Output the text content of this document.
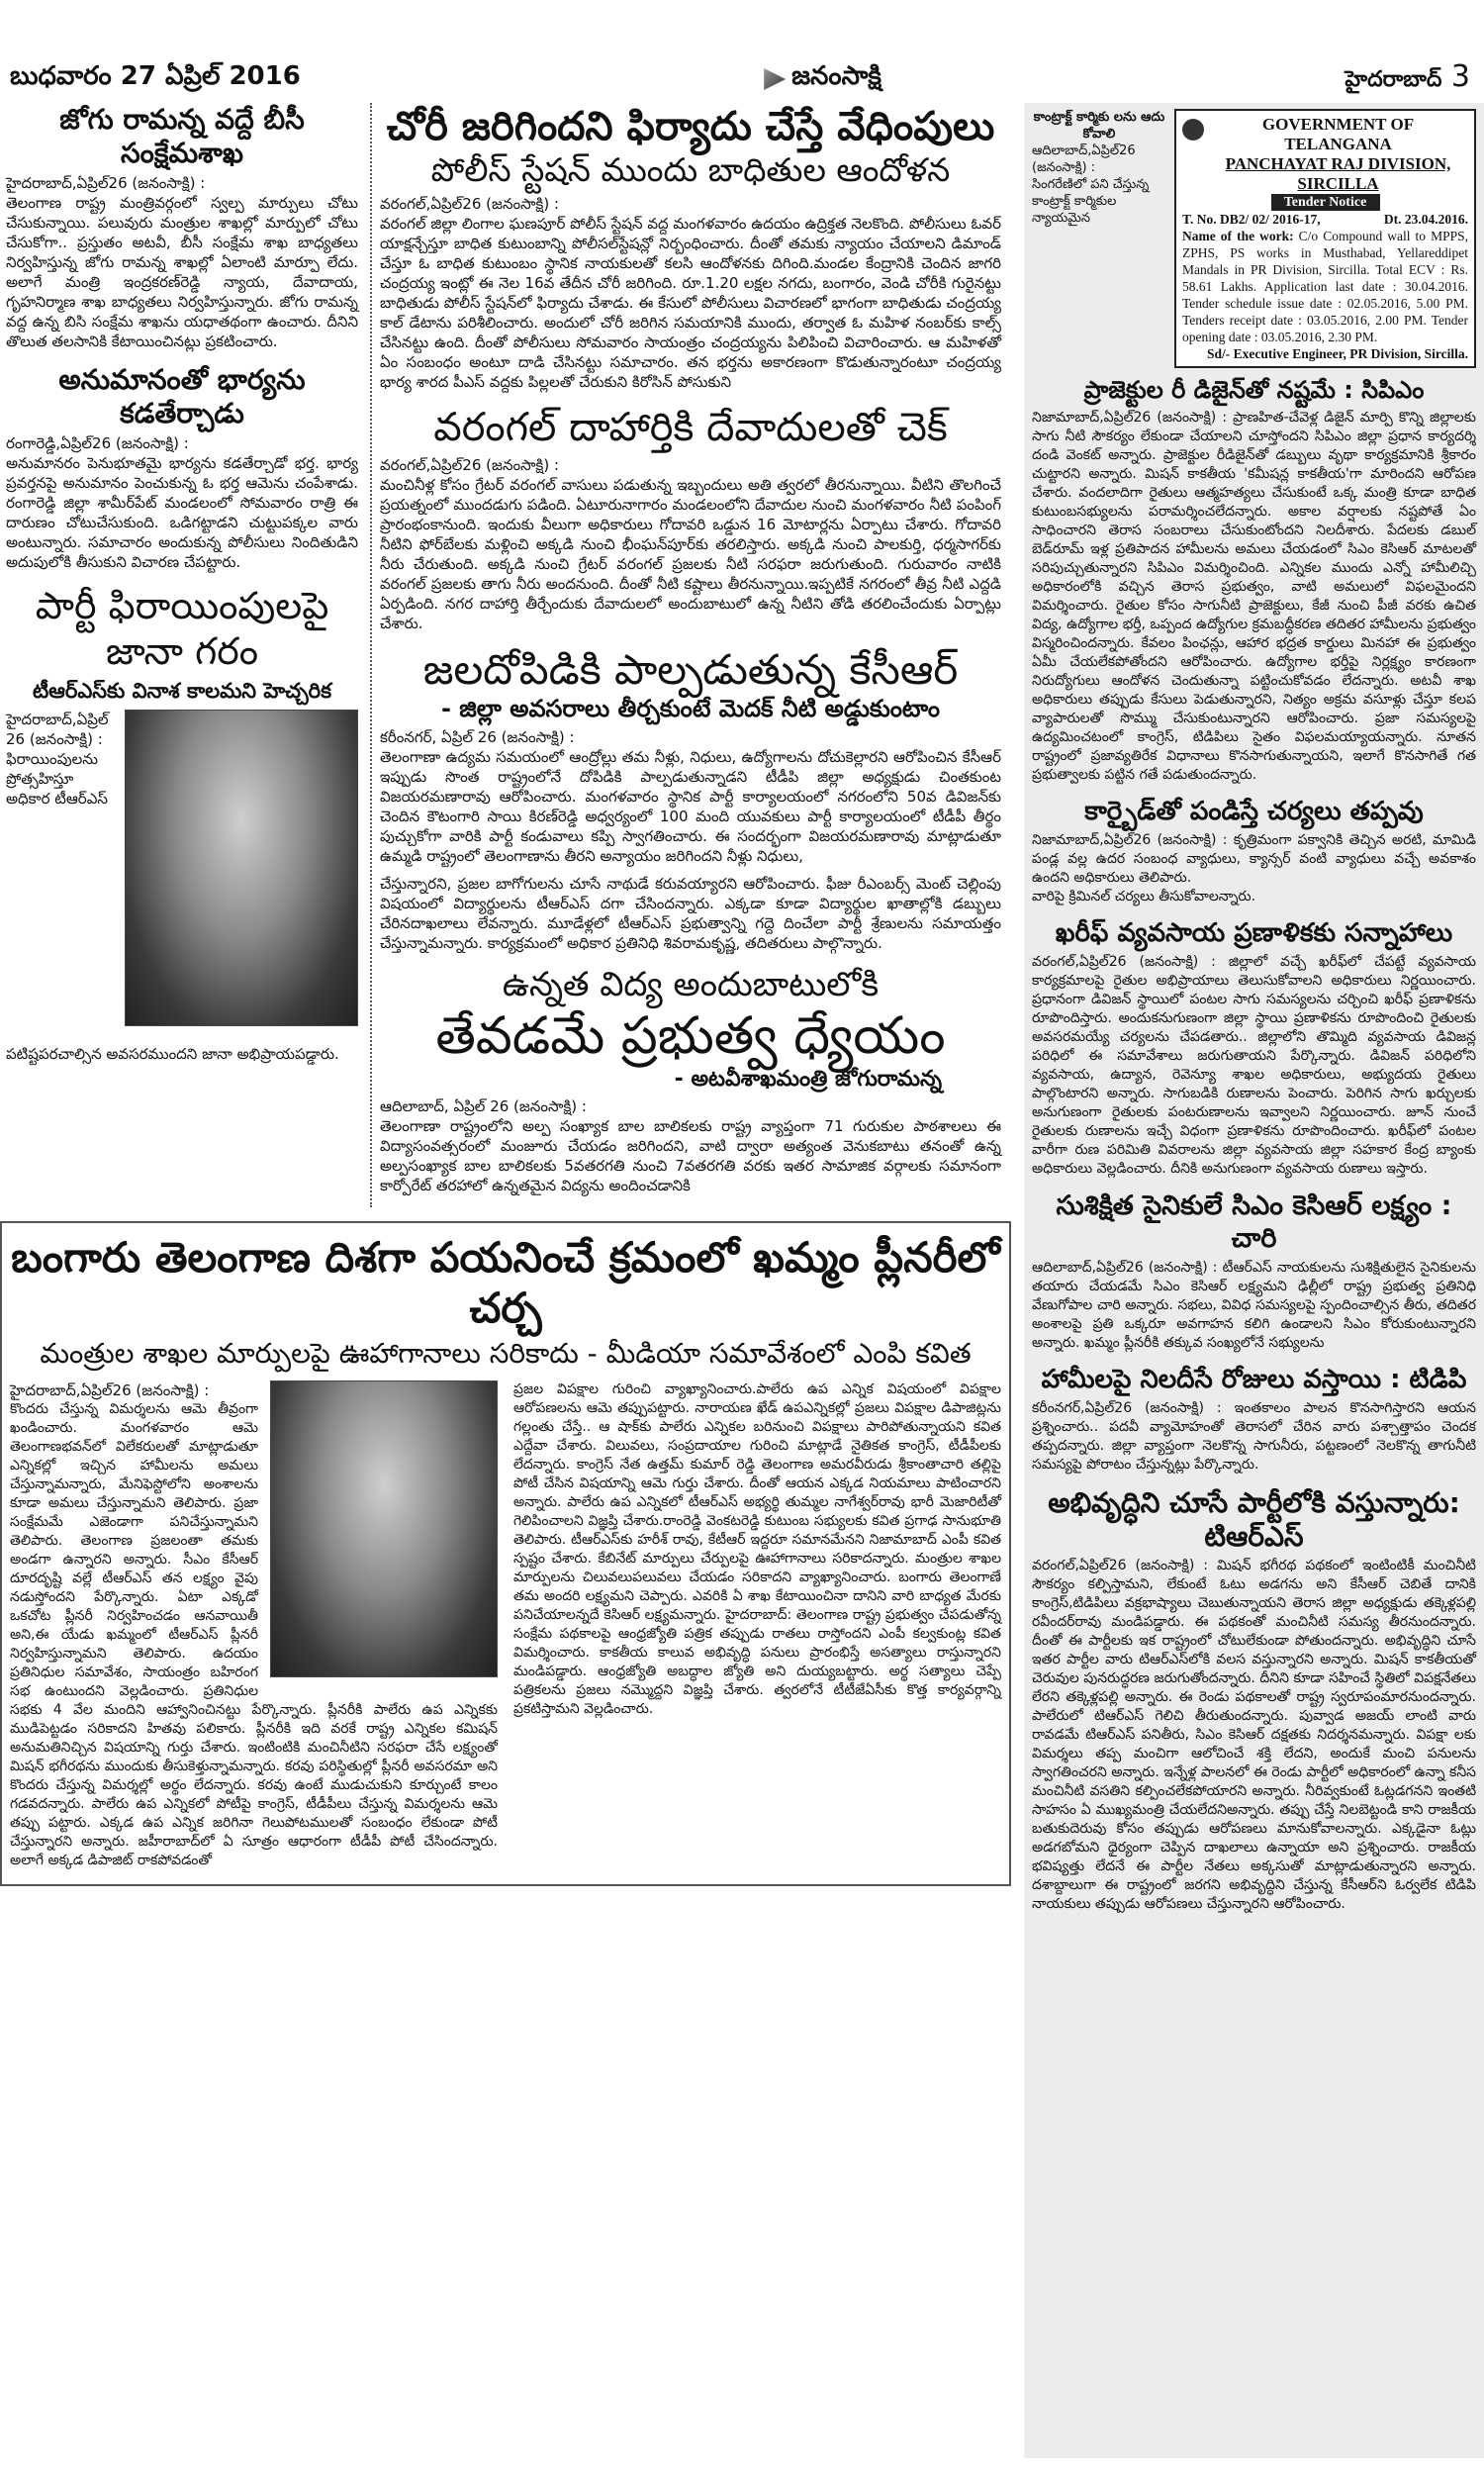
బుధవారం 27 ఏప్రిల్ 2016	జనంసాక్షి	హైదరాబాద్ 3
జోగు రామన్న వద్దే బీసీ సంక్షేమశాఖ
హైదరాబాద్,ఏప్రిల్26 (జనంసాక్షి) :

తెలంగాణ రాష్ట్ర మంత్రివర్గంలో స్వల్ప మార్పులు చోటు చేసుకున్నాయి. పలువురు మంత్రుల శాఖల్లో మార్పులో చోటు చేసుకోగా.. ప్రస్తుతం అటవీ, బీసీ సంక్షేమ శాఖ బాధ్యతలు నిర్వహిస్తున్న జోగు రామన్న శాఖల్లో ఏలాంటి మార్పూ లేదు. అలాగే మంత్రి ఇంద్రకరణ్‌రెడ్డి న్యాయ, దేవాదాయ, గృహనిర్మాణ శాఖ బాధ్యతలు నిర్వహిస్తున్నారు. జోగు రామన్న వద్ద ఉన్న బిసి సంక్షేమ శాఖను యధాతథంగా ఉంచారు. దీనిని తొలుత తలసానికి కేటాయించినట్లు ప్రకటించారు.

అనుమానంతో భార్యను కడతేర్చాడు
రంగారెడ్డి,ఏప్రిల్26 (జనంసాక్షి) :

అనుమానరం పెనుభూతమై భార్యను కడతేర్చాడో భర్త. భార్య ప్రవర్తనపై అనుమానం పెంచుకున్న ఓ భర్త ఆమెను చంపేశాడు. రంగారెడ్డి జిల్లా శామీర్‌పేట్ మండలంలో సోమవారం రాత్రి ఈ దారుణం చోటుచేసుకుంది. ఒడిగట్టాడని చుట్టుపక్కల వారు అంటున్నారు. సమాచారం అందుకున్న పోలీసులు నిందితుడిని అదుపులోకి తీసుకుని విచారణ చేపట్టారు.

పార్టీ ఫిరాయింపులపై జానా గరం
టీఆర్‌ఎస్‌కు వినాశ కాలమని హెచ్చరిక
హైదరాబాద్,ఏప్రిల్ 26 (జనంసాక్షి) :

ఫిరాయింపులను ప్రోత్సహిస్తూ అధికార టీఆర్‌ఎస్

పటిష్టపరచాల్సిన అవసరముందని జానా అభిప్రాయపడ్డారు.

చోరీ జరిగిందని ఫిర్యాదు చేస్తే వేధింపులు
పోలీస్ స్టేషన్ ముందు బాధితుల ఆందోళన
వరంగల్,ఏప్రిల్26 (జనంసాక్షి) :

వరంగల్ జిల్లా లింగాల ఘణపూర్ పోలీస్ స్టేషన్ వద్ద మంగళవారం ఉదయం ఉద్రిక్తత నెలకొంది. పోలీసులు ఓవర్ యాక్షన్చేస్తూ బాధిత కుటుంబాన్ని పోలీసల్‌స్టేషన్లో నిర్బంధించారు. దీంతో తమకు న్యాయం చేయాలని డిమాండ్ చేస్తూ ఓ బాధిత కుటుంబం స్థానిక నాయకులతో కలసి ఆందోళనకు దిగింది.మండల కేంద్రానికి చెందిన జాగరి చంద్రయ్య ఇంట్లో ఈ నెల 16వ తేదీన చోరీ జరిగింది. రూ.1.20 లక్షల నగదు, బంగారం, వెండి చోరీకి గురైనట్టు బాధితుడు పోలీస్ స్టేషన్‌లో ఫిర్యాదు చేశాడు. ఈ కేసులో పోలీసులు విచారణలో భాగంగా బాధితుడు చంద్రయ్య కాల్ డేటాను పరిశీలించారు. అందులో చోరీ జరిగిన సమయానికి ముందు, తర్వాత ఓ మహిళ నంబర్‌కు కాల్స్ చేసినట్టు ఉంది. దీంతో పోలీసులు సోమవారం సాయంత్రం చంద్రయ్యను పిలిపించి విచారించారు. ఆ మహిళతో ఏం సంబంధం అంటూ దాడి చేసినట్టు సమాచారం. తన భర్తను అకారణంగా కొడుతున్నారంటూ చంద్రయ్య భార్య శారద పీఎస్ వద్దకు పిల్లలతో చేరుకుని కిరోసిన్ పోసుకుని

వరంగల్ దాహార్తికి దేవాదులతో చెక్
వరంగల్,ఏప్రిల్26 (జనంసాక్షి) :

మంచినీళ్ల కోసం గ్రేటర్ వరంగల్ వాసులు పడుతున్న ఇబ్బందులు అతి త్వరలో తీరనున్నాయి. వీటిని తొలగించే ప్రయత్నంలో ముందడుగు పడింది. ఏటూరునాగారం మండలంలోని దేవాదుల నుంచి మంగళవారం నీటి పంపింగ్ ప్రారంభంకానుంది. ఇందుకు వీలుగా అధికారులు గోదావరి ఒడ్డున 16 మోటార్లను ఏర్పాటు చేశారు. గోదావరి నీటిని ఫోర్‌బేలకు మళ్లించి అక్కడి నుంచి భీంఘన్‌పూర్‌కు తరలిస్తారు. అక్కడి నుంచి పాలకుర్తి, ధర్మసాగర్‌కు నీరు చేరుతుంది. అక్కడి నుంచి గ్రేటర్ వరంగల్ ప్రజలకు నీటి సరఫరా జరుగుతుంది. గురువారం నాటికి వరంగల్ ప్రజలకు తాగు నీరు అందనుంది. దీంతో నీటి కష్టాలు తీరనున్నాయి.ఇప్పటికే నగరంలో తీవ్ర నీటి ఎద్దడి ఏర్పడింది. నగర దాహార్తి తీర్చేందుకు దేవాదులలో అందుబాటులో ఉన్న నీటిని తోడి తరలించేందుకు ఏర్పాట్లు చేశారు.

జలదోపిడికి పాల్పడుతున్న కేసీఆర్
- జిల్లా అవసరాలు తీర్చకుంటే మెదక్ నీటి అడ్డుకుంటాం
కరీంనగర్, ఏప్రిల్ 26 (జనంసాక్షి) :

తెలంగాణా ఉద్యమ సమయంలో ఆంద్రోల్లు తమ నీళ్లు, నిధులు, ఉద్యోగాలను దోచుకెల్లారని ఆరోపించిన కేసీఆర్ ఇప్పుడు సొంత రాష్ట్రంలోనే దోపిడికి పాల్పడుతున్నాడని టీడీపి జిల్లా అధ్యక్షుడు చింతకుంట విజయరమణారావు ఆరోపించారు. మంగళవారం స్థానిక పార్టీ కార్యాలయంలో నగరంలోని 50వ డివిజన్‌కు చెందిన కౌటంగారి సాయి కిరణ్‌రెడ్డి అధ్వర్యంలో 100 మంది యువకులు పార్టీ కార్యాలయంలో టీడీపీ తీర్థం పుచ్చుకోగా వారికి పార్టీ కండువాలు కప్పి స్వాగతించారు. ఈ సందర్భంగా విజయరమణారావు మాట్లాడుతూ ఉమ్మడి రాష్ట్రంలో తెలంగాణాను తీరని అన్యాయం జరిగిందని నీళ్లు నిధులు,

చేస్తున్నారని, ప్రజల బాగోగులను చూసే నాథుడే కరువయ్యారని ఆరోపించారు. ఫీజు రీఎంబర్స్ మెంట్ చెల్లింపు విషయంలో విద్యార్థులను టీఆర్ఎస్ దగా చేసిందన్నారు. ఎక్కడా కూడా విద్యార్థుల ఖాతాల్లోకి డబ్బులు చేరినదాఖలాలు లేవన్నారు. మూడేళ్లలో టీఆర్ఎస్ ప్రభుత్వాన్ని గద్దె దించేలా పార్టీ శ్రేణులను సమాయత్తం చేస్తున్నామన్నారు. కార్యక్రమంలో అధికార ప్రతినిధి శివరామకృష్ణ, తదితరులు పాల్గొన్నారు.

ఉన్నత విద్య అందుబాటులోకి
తేవడమే ప్రభుత్వ ధ్యేయం
- అటవీశాఖమంత్రి జోగురామన్న
ఆదిలాబాద్, ఏప్రిల్ 26 (జనంసాక్షి) :

తెలంగాణా రాష్ట్రంలోని అల్ప సంఖ్యాక బాల బాలికలకు రాష్ట్ర వ్యాప్తంగా 71 గురుకుల పాఠశాలలు ఈ విద్యాసంవత్సరంలో మంజూరు చేయడం జరిగిందని, వాటి ద్వారా అత్యంత వెనుకబాటు తనంతో ఉన్న అల్పసంఖ్యాక బాల బాలికలకు 5వతరగతి నుంచి 7వతరగతి వరకు ఇతర సామాజిక వర్గాలకు సమానంగా కార్పోరేట్ తరహాలో ఉన్నతమైన విద్యను అందించడానికి

బంగారు తెలంగాణ దిశగా పయనించే క్రమంలో ఖమ్మం ప్లీనరీలో చర్చ
మంత్రుల శాఖల మార్పులపై ఊహాగానాలు సరికాదు - మీడియా సమావేశంలో ఎంపి కవిత
హైదరాబాద్,ఏప్రిల్26 (జనంసాక్షి) :

కొందరు చేస్తున్న విమర్శలను ఆమె తీవ్రంగా ఖండించారు. మంగళవారం ఆమె తెలంగాణభవన్‌లో విలేకరులతో మాట్లాడుతూ ఎన్నికల్లో ఇచ్చిన హామీలను అమలు చేస్తున్నామన్నారు, మేనిఫెస్టోలోని అంశాలను కూడా అమలు చేస్తున్నామని తెలిపారు. ప్రజా సంక్షేమమే ఎజెండాగా పనిచేస్తున్నామని తెలిపారు. తెలంగాణ ప్రజలంతా తమకు అండగా ఉన్నారని అన్నారు. సీఎం కేసీఆర్ దూరదృష్టి వల్లే టీఆర్ఎస్ తన లక్ష్యం వైపు నడుస్తోందని పేర్కొన్నారు. ఏటా ఎక్కడో ఒకచోట ప్లీనరీ నిర్వహించడం ఆనవాయితీ అని,ఈ యేడు ఖమ్మంలో టీఆర్ఎస్ ప్లీనరీ నిర్వహిస్తున్నామని తెలిపారు. ఉదయం ప్రతినిధుల సమావేశం, సాయంత్రం బహిరంగ సభ ఉంటుందని వెల్లడించారు. ప్రతినిధుల సభకు 4 వేల మందిని ఆహ్వానించినట్టు పేర్కొన్నారు. ప్లీనరీకి పాలేరు ఉప ఎన్నికకు ముడిపెట్టడం సరికాదని హితవు పలికారు. ప్లీనరీకి ఇది వరకే రాష్ట్ర ఎన్నికల కమిషన్ అనుమతినిచ్చిన విషయాన్ని గుర్తు చేశారు. ఇంటింటికి మంచినీటిని సరఫరా చేసే లక్ష్యంతో మిషన్ భగీరథను ముందుకు తీసుకెళ్తున్నామన్నారు. కరవు పరిస్థితుల్లో ప్లీనరీ అవసరమా అని కొందరు చేస్తున్న విమర్శల్లో అర్థం లేదన్నారు. కరవు ఉంటే ముడుచుకుని కూర్చుంటే కాలం గడవదన్నారు. పాలేరు ఉప ఎన్నికలో పోటీపై కాంగ్రెస్, టీడీపీలు చేస్తున్న విమర్శలను ఆమె తప్పు పట్టారు. ఎక్కడ ఉప ఎన్నిక జరిగినా గెలుపోటములతో సంబంధం లేకుండా పోటీ చేస్తున్నారని అన్నారు. జహీరాబాద్‌లో ఏ సూత్రం ఆధారంగా టీడీపీ పోటీ చేసిందన్నారు. అలాగే అక్కడ డిపాజిట్ రాకపోవడంతో

ప్రజల విపక్షాల గురించి వ్యాఖ్యానించారు.పాలేరు ఉప ఎన్నిక విషయంలో విపక్షాల ఆరోపణలను ఆమె తప్పుపట్టారు. నారాయణ ఖేడ్ ఉపఎన్నికల్లో ప్రజలు విపక్షాల డిపాజిట్లను గల్లంతు చేస్తే.. ఆ షాక్‌కు పాలేరు ఎన్నికల బరినుంచి విపక్షాలు పారిపోతున్నాయని కవిత ఎద్దేవా చేశారు. విలువలు, సంప్రదాయాల గురించి మాట్లాడే నైతికత కాంగ్రెస్, టీడీపీలకు లేదన్నారు. కాంగ్రెస్ నేత ఉత్తమ్ కుమార్ రెడ్డి తెలంగాణ అమరవీరుడు శ్రీకాంతాచారి తల్లిపై పోటీ చేసిన విషయాన్ని ఆమె గుర్తు చేశారు. దీంతో ఆయన ఎక్కడ నియమాలు పాటించారని అన్నారు. పాలేరు ఉప ఎన్నికలో టీఆర్ఎస్ అభ్యర్థి తుమ్మల నాగేశ్వర్‌రావు భారీ మెజారిటీతో గెలిపించాలని విజ్ఞప్తి చేశారు.రాంరెడ్డి వెంకటరెడ్డి కుటుంబ సభ్యులకు కవిత ప్రగాఢ సానుభూతి తెలిపారు. టీఆర్ఎస్‌కు హరీశ్ రావు, కేటీఆర్ ఇద్దరూ సమానమేనని నిజామాబాద్ ఎంపీ కవిత స్పష్టం చేశారు. కేబినేట్ మార్పులు చేర్పులపై ఊహాగానాలు సరికాదన్నారు. మంత్రుల శాఖల మార్పులను చిలువలుపలువలు చేయడం సరికాదని వ్యాఖ్యానించారు. బంగారు తెలంగాణే తమ అందరి లక్ష్యమని చెప్పారు. ఎవరికి ఏ శాఖ కేటాయించినా దానిని వారి బాధ్యత మేరకు పనిచేయాలన్నదే కెసిఆర్ లక్ష్యమన్నారు. హైదరాబాద్: తెలంగాణ రాష్ట్ర ప్రభుత్వం చేపడుతోన్న సంక్షేమ పథకాలపై ఆంధ్రజ్యోతి పత్రిక తప్పుడు రాతలు రాస్తోందని ఎంపీ కల్వకుంట్ల కవిత విమర్శించారు. కాకతీయ కాలువ అభివృద్ధి పనులు ప్రారంభిస్తే అసత్యాలు రాస్తున్నారని మండిపడ్డారు. ఆంధ్రజ్యోతి అబద్ధాల జ్యోతి అని దుయ్యబట్టారు. అర్థ సత్యాలు చెప్పే పత్రికలను ప్రజలు నమ్మొద్దని విజ్ఞప్తి చేశారు. త్వరలోనే టీటీజేఏసీకు కొత్త కార్యవర్గాన్ని ప్రకటిస్తామని వెల్లడించారు.

కాంట్రాక్ట్ కార్మికు లను ఆదు కోవాలి
ఆదిలాబాద్,ఏప్రిల్26 (జనంసాక్షి) :
సింగరేణిలో పని చేస్తున్న కాంట్రాక్ట్ కార్మికుల న్యాయమైన
GOVERNMENT OF TELANGANA
PANCHAYAT RAJ DIVISION, SIRCILLA
Tender Notice
T. No. DB2/ 02/ 2016-17,	Dt. 23.04.2016.
Name of the work: C/o Compound wall to MPPS, ZPHS, PS works in Musthabad, Yellareddipet Mandals in PR Division, Sircilla. Total ECV : Rs. 58.61 Lakhs. Application last date : 30.04.2016. Tender schedule issue date : 02.05.2016, 5.00 PM. Tenders receipt date : 03.05.2016, 2.00 PM. Tender opening date : 03.05.2016, 2.30 PM.
Sd/- Executive Engineer, PR Division, Sircilla.
ప్రాజెక్టుల రీ డిజైన్‌తో నష్టమే : సిపిఎం

నిజామాబాద్,ఏప్రిల్26 (జనంసాక్షి) : ప్రాణహిత-చేవెళ్ల డిజైన్ మార్పి కొన్ని జిల్లాలకు సాగు నీటి సౌకర్యం లేకుండా చేయాలని చూస్తోందని సిపిఎం జిల్లా ప్రధాన కార్యదర్శి దండి వెంకట్ అన్నారు. ప్రాజెక్టుల రీడిజైన్‌తో డబ్బులు వృథా కార్యక్రమానికి శ్రీకారం చుట్టారని అన్నారు. మిషన్ కాకతీయ 'కమీషన్ల కాకతీయ'గా మారిందని ఆరోపణ చేశారు. వందలాదిగా రైతులు ఆత్మహత్యలు చేసుకుంటే ఒక్క మంత్రి కూడా బాధిత కుటుంబసభ్యులను పరామర్శించలేదన్నారు. అకాల వర్షాలకు నష్టపోతే ఏం సాధించారని తెరాస సంబరాలు చేసుకుంటోందని నిలదీశారు. పేదలకు డబుల్ బెడ్‌రూమ్ ఇళ్ల ప్రతిపాదన హామీలను అమలు చేయడంలో సిఎం కెసిఆర్ మాటలతో సరిపుచ్చుతున్నారని సిపిఎం విమర్శించింది. ఎన్నికల ముందు ఎన్నో హామీలిచ్చి అధికారంలోకి వచ్చిన తెరాస ప్రభుత్వం, వాటి అమలులో విఫలమైందని విమర్శించారు. రైతుల కోసం సాగునీటి ప్రాజెక్టులు, కేజీ నుంచి పీజీ వరకు ఉచిత విద్య, ఉద్యోగాల భర్తీ, ఒప్పంద ఉద్యోగుల క్రమబద్ధీకరణ తదితర హామీలను ప్రభుత్వం విస్మరించిందన్నారు. కేవలం పింఛన్లు, ఆహార భద్రత కార్డులు మినహా ఈ ప్రభుత్వం ఏమీ చేయలేకపోతోందని ఆరోపించారు. ఉద్యోగాల భర్తీపై నిర్లక్ష్యం కారణంగా నిరుద్యోగులు ఆందోళన చెందుతున్నా పట్టించుకోవడం లేదన్నారు. అటవీ శాఖ అధికారులు తప్పుడు కేసులు పెడుతున్నారని, నిత్యం అక్రమ వసూళ్లు చేస్తూ కలప వ్యాపారులతో సొమ్ము చేసుకుంటున్నారని ఆరోపించారు. ప్రజా సమస్యలపై ఉద్యమించటంలో కాంగ్రెస్, టిడిపిలు సైతం విఫలమయ్యాయన్నారు. నూతన రాష్ట్రంలో ప్రజావ్యతిరేక విధానాలు కొనసాగుతున్నాయని, ఇలాగే కొనసాగితే గత ప్రభుత్వాలకు పట్టిన గతే పడుతుందన్నారు.

కార్బైడ్‌తో పండిస్తే చర్యలు తప్పవు

నిజామాబాద్,ఏప్రిల్26 (జనంసాక్షి) : కృత్రిమంగా పక్వానికి తెచ్చిన అరటి, మామిడి పండ్ల వల్ల ఉదర సంబంధ వ్యాధులు, క్యాన్సర్ వంటి వ్యాధులు వచ్చే అవకాశం ఉందని అధికారులు తెలిపారు.

వారిపై క్రిమినల్ చర్యలు తీసుకోవాలన్నారు.

ఖరీఫ్ వ్యవసాయ ప్రణాళికకు సన్నాహాలు

వరంగల్,ఏప్రిల్26 (జనంసాక్షి) : జిల్లాలో వచ్చే ఖరీఫ్‌లో చేపట్టే వ్యవసాయ కార్యక్రమాలపై రైతుల అభిప్రాయాలు తెలుసుకోవాలని అధికారులు నిర్ణయించారు. ప్రధానంగా డివిజన్ స్థాయిలో పంటల సాగు సమస్యలను చర్చించి ఖరీఫ్ ప్రణాళికను రూపొందిస్తారు. అందుకనుగుణంగా జిల్లా స్థాయి ప్రణాళికను రూపొందించి రైతులకు అవసరమయ్యే చర్యలను చేపడతారు.. జిల్లాలోని తొమ్మిది వ్యవసాయ డివిజన్ల పరిధిలో ఈ సమావేశాలు జరుగుతాయని పేర్కొన్నారు. డివిజన్ పరిధిలోని వ్యవసాయ, ఉద్యాన, రెవెన్యూ శాఖల అధికారులు, అభ్యుదయ రైతులు పాల్గొంటారని అన్నారు. సాగుబడికి రుణాలను పెంచారు. పెరిగిన సాగు ఖర్చులకు అనుగుణంగా రైతులకు పంటరుణాలను ఇవ్వాలని నిర్ణయించారు. జూన్ నుంచే రైతులకు రుణాలను ఇచ్చే విధంగా ప్రణాళికను రూపొందించారు. ఖరీఫ్‌లో పంటల వారీగా రుణ పరిమితి వివరాలను జిల్లా వ్యవసాయ జిల్లా సహకార కేంద్ర బ్యాంకు అధికారులు వెల్లడించారు. దీనికి అనుగుణంగా వ్యవసాయ రుణాలు ఇస్తారు.

సుశిక్షిత సైనికులే సిఎం కెసిఆర్ లక్ష్యం : చారి

ఆదిలాబాద్,ఏప్రిల్26 (జనంసాక్షి) : టీఆర్ఎస్ నాయకులను సుశిక్షితులైన సైనికులను తయారు చేయడమే సిఎం కెసిఆర్ లక్ష్యమని ఢిల్లీలో రాష్ట్ర ప్రభుత్వ ప్రతినిధి వేణుగోపాల చారి అన్నారు. సభలు, వివిధ సమస్యలపై స్పందించాల్సిన తీరు, తదితర అంశాలపై ప్రతి ఒక్కరూ అవగాహన కలిగి ఉండాలని సిఎం కోరుకుంటున్నారని అన్నారు. ఖమ్మం ప్లీనరీకి తక్కువ సంఖ్యలోనే సభ్యులను

హామీలపై నిలదీసే రోజులు వస్తాయి : టిడిపి

కరీంనగర్,ఏప్రిల్26 (జనంసాక్షి) : ఇంతకాలం పాలన కొనసాగిస్తారని ఆయన ప్రశ్నించారు.. పదవీ వ్యామోహంతో తెరాసలో చేరిన వారు పశ్చాత్తాపం చెందక తప్పదన్నారు. జిల్లా వ్యాప్తంగా నెలకొన్న సాగునీరు, పట్టణంలో నెలకొన్న తాగునీటి సమస్యపై పోరాటం చేస్తున్నట్లు పేర్కొన్నారు.

అభివృద్ధిని చూసే పార్టీలోకి వస్తున్నారు: టిఆర్ఎస్

వరంగల్,ఏప్రిల్26 (జనంసాక్షి) : మిషన్ భగీరథ పథకంలో ఇంటింటికీ మంచినీటి సౌకర్యం కల్పిస్తామని, లేకుంటే ఓటు అడగను అని కేసీఆర్ చెబితే దానికి కాంగ్రెస్,టిడిపిలు వక్రభాష్యాలు చెబుతున్నాయని తెరాస జిల్లా అధ్యక్షుడు తక్కెళ్లపల్లి రవీందర్‌రావు మండిపడ్డారు. ఈ పథకంతో మంచినీటి సమస్య తీరనుందన్నారు. దీంతో ఈ పార్టీలకు ఇక రాష్ట్రంలో చోటులేకుండా పోతుందన్నారు. అభివృద్ధిని చూసే ఇతర పార్టీల వారు టిఆర్‌ఎస్‌లోకి వలస వస్తున్నారని అన్నారు. మిషన్ కాకతీయతో చెరువుల పునరుద్ధరణ జరుగుతోందన్నారు. దీనిని కూడా సహించే స్థితిలో విపక్షనేతలు లేరని తక్కెళ్లపల్లి అన్నారు. ఈ రెండు పథకాలతో రాష్ట్ర స్వరూపంమారనుందన్నారు. పాలేరులో టిఆర్‌ఎస్ గెలిచి తీరుతుందన్నారు. పువ్వాడ అజయ్ లాంటి వారు రావడమే టిఆర్‌ఎస్ పనితీరు, సిఎం కెసిఆర్ దక్షతకు నిదర్శనమన్నారు. విపక్షా లకు విమర్శలు తప్ప మంచిగా ఆలోచించే శక్తి లేదని, అందుకే మంచి పనులను స్వాగతించరని అన్నారు. ఇన్నేళ్ల పాలనలో ఈ రెండు పార్టీలో అధికారంలో ఉన్నా కనీస మంచినీటి వసతిని కల్పించలేకపోయారని అన్నారు. నీరివ్వకుంటే ఓట్లడగనని ఇంతటి సాహసం ఏ ముఖ్యమంత్రి చేయలేదనిఅన్నారు. తప్పు చేస్తే నిలబెట్టండి కాని రాజకీయ బతుకుదెరువు కోసం తప్పుడు ఆరోపణలు మానుకోవాలన్నారు. ఎక్కడైనా ఓట్లు అడగబోమని ధైర్యంగా చెప్పిన దాఖలాలు ఉన్నాయా అని ప్రశ్నించారు. రాజకీయ భవిష్యత్తు లేదనే ఈ పార్టీల నేతలు అక్కసుతో మాట్లాడుతున్నారని అన్నారు. దశాబ్దాలుగా ఈ రాష్ట్రంలో జరగని అభివృద్ధిని చేస్తున్న కేసీఆర్‌ని ఓర్వలేక టిడిపి నాయకులు తప్పుడు ఆరోపణలు చేస్తున్నారని ఆరోపించారు.
